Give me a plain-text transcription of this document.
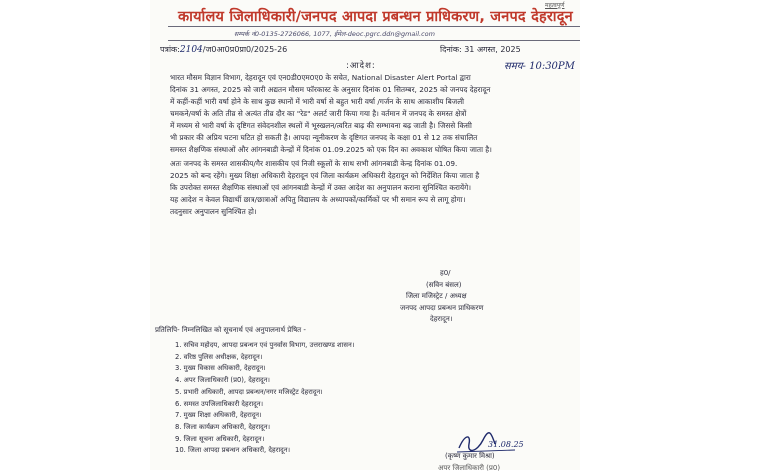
महत्वपूर्ण
कार्यालय जिलाधिकारी/जनपद आपदा प्रबन्धन प्राधिकरण, जनपद देहरादून
सम्पर्क नं0-0135-2726066, 1077, ईमेल-deoc.pgrc.ddn@gmail.com
पत्रांक:2104/ज0आ0प्र0प्रा0/2025-26	दिनांक: 31 अगस्त, 2025
:आदेश:	समय- 10:30PM
भारत मौसम विज्ञान विभाग, देहरादून एवं एन0डी0एम0ए0 के सचेत, National Disaster Alert Portal द्वारा
दिनांक 31 अगस्त, 2025 को जारी अद्यतन मौसम फॉरकास्ट के अनुसार दिनांक 01 सितम्बर, 2025 को जनपद देहरादून
में कहीं-कहीं भारी वर्षा होने के साथ कुछ स्थानों में भारी वर्षा से बहुत भारी वर्षा /गर्जन के साथ आकाशीय बिजली
चमकने/वर्षा के अति तीव्र से अत्यंत तीव्र दौर का "रेड" अलर्ट जारी किया गया है। वर्तमान में जनपद के समस्त क्षेत्रों
में मध्यम से भारी वर्षा के दृष्टिगत संवेदनशील स्थलों में भूस्खलन/त्वरित बाढ़ की सम्भावना बढ़ जाती है। जिससे किसी
भी प्रकार की अप्रिय घटना घटित हो सकती है। आपदा न्यूनीकरण के दृष्टिगत जनपद के कक्षा 01 से 12 तक संचालित
समस्त शैक्षणिक संस्थाओं और आंगनबाडी केन्द्रों में दिनांक 01.09.2025 को एक दिन का अवकाश घोषित किया जाता है।
अतः जनपद के समस्त शासकीय/गैर शासकीय एवं निजी स्कूलों के साथ सभी आंगनबाडी केन्द्र दिनांक 01.09.
2025 को बन्द रहेंगे। मुख्य शिक्षा अधिकारी देहरादून एवं जिला कार्यक्रम अधिकारी देहरादून को निर्देशित किया जाता है
कि उपरोक्त समस्त शैक्षणिक संस्थाओं एवं आंगनबाडी केन्द्रों में उक्त आदेश का अनुपालन कराना सुनिश्चित करायेंगे।
यह आदेश न केवल विद्यार्थी छात्र/छात्राओं अपितु विद्यालय के अध्यापकों/कार्मिकों पर भी समान रूप से लागू होगा।
तदनुसार अनुपालन सुनिश्चित हो।
ह0/
(सविन बंसल)
जिला मजिस्ट्रेट / अध्यक्ष
जनपद आपदा प्रबन्धन प्राधिकरण
देहरादून।
प्रतिलिपि- निम्नलिखित को सूचनार्थ एवं अनुपालनार्थ प्रेषित -
1. सचिव महोदय, आपदा प्रबन्धन एवं पुनर्वास विभाग, उत्तराखण्ड शासन।
2. वरिष्ठ पुलिस अधीक्षक, देहरादून।
3. मुख्य विकास अधिकारी, देहरादून।
4. अपर जिलाधिकारी (प्र0), देहरादून।
5. प्रभारी अधिकारी, आपदा प्रबन्धन/नगर मजिस्ट्रेट देहरादून।
6. समस्त उपजिलाधिकारी देहरादून।
7. मुख्य शिक्षा अधिकारी, देहरादून।
8. जिला कार्यक्रम अधिकारी, देहरादून।
9. जिला सूचना अधिकारी, देहरादून।
10. जिला आपदा प्रबन्धन अधिकारी, देहरादून।
31.08.25
(कृष्ण कुमार मिश्रा)
अपर जिलाधिकारी (प्र0)
